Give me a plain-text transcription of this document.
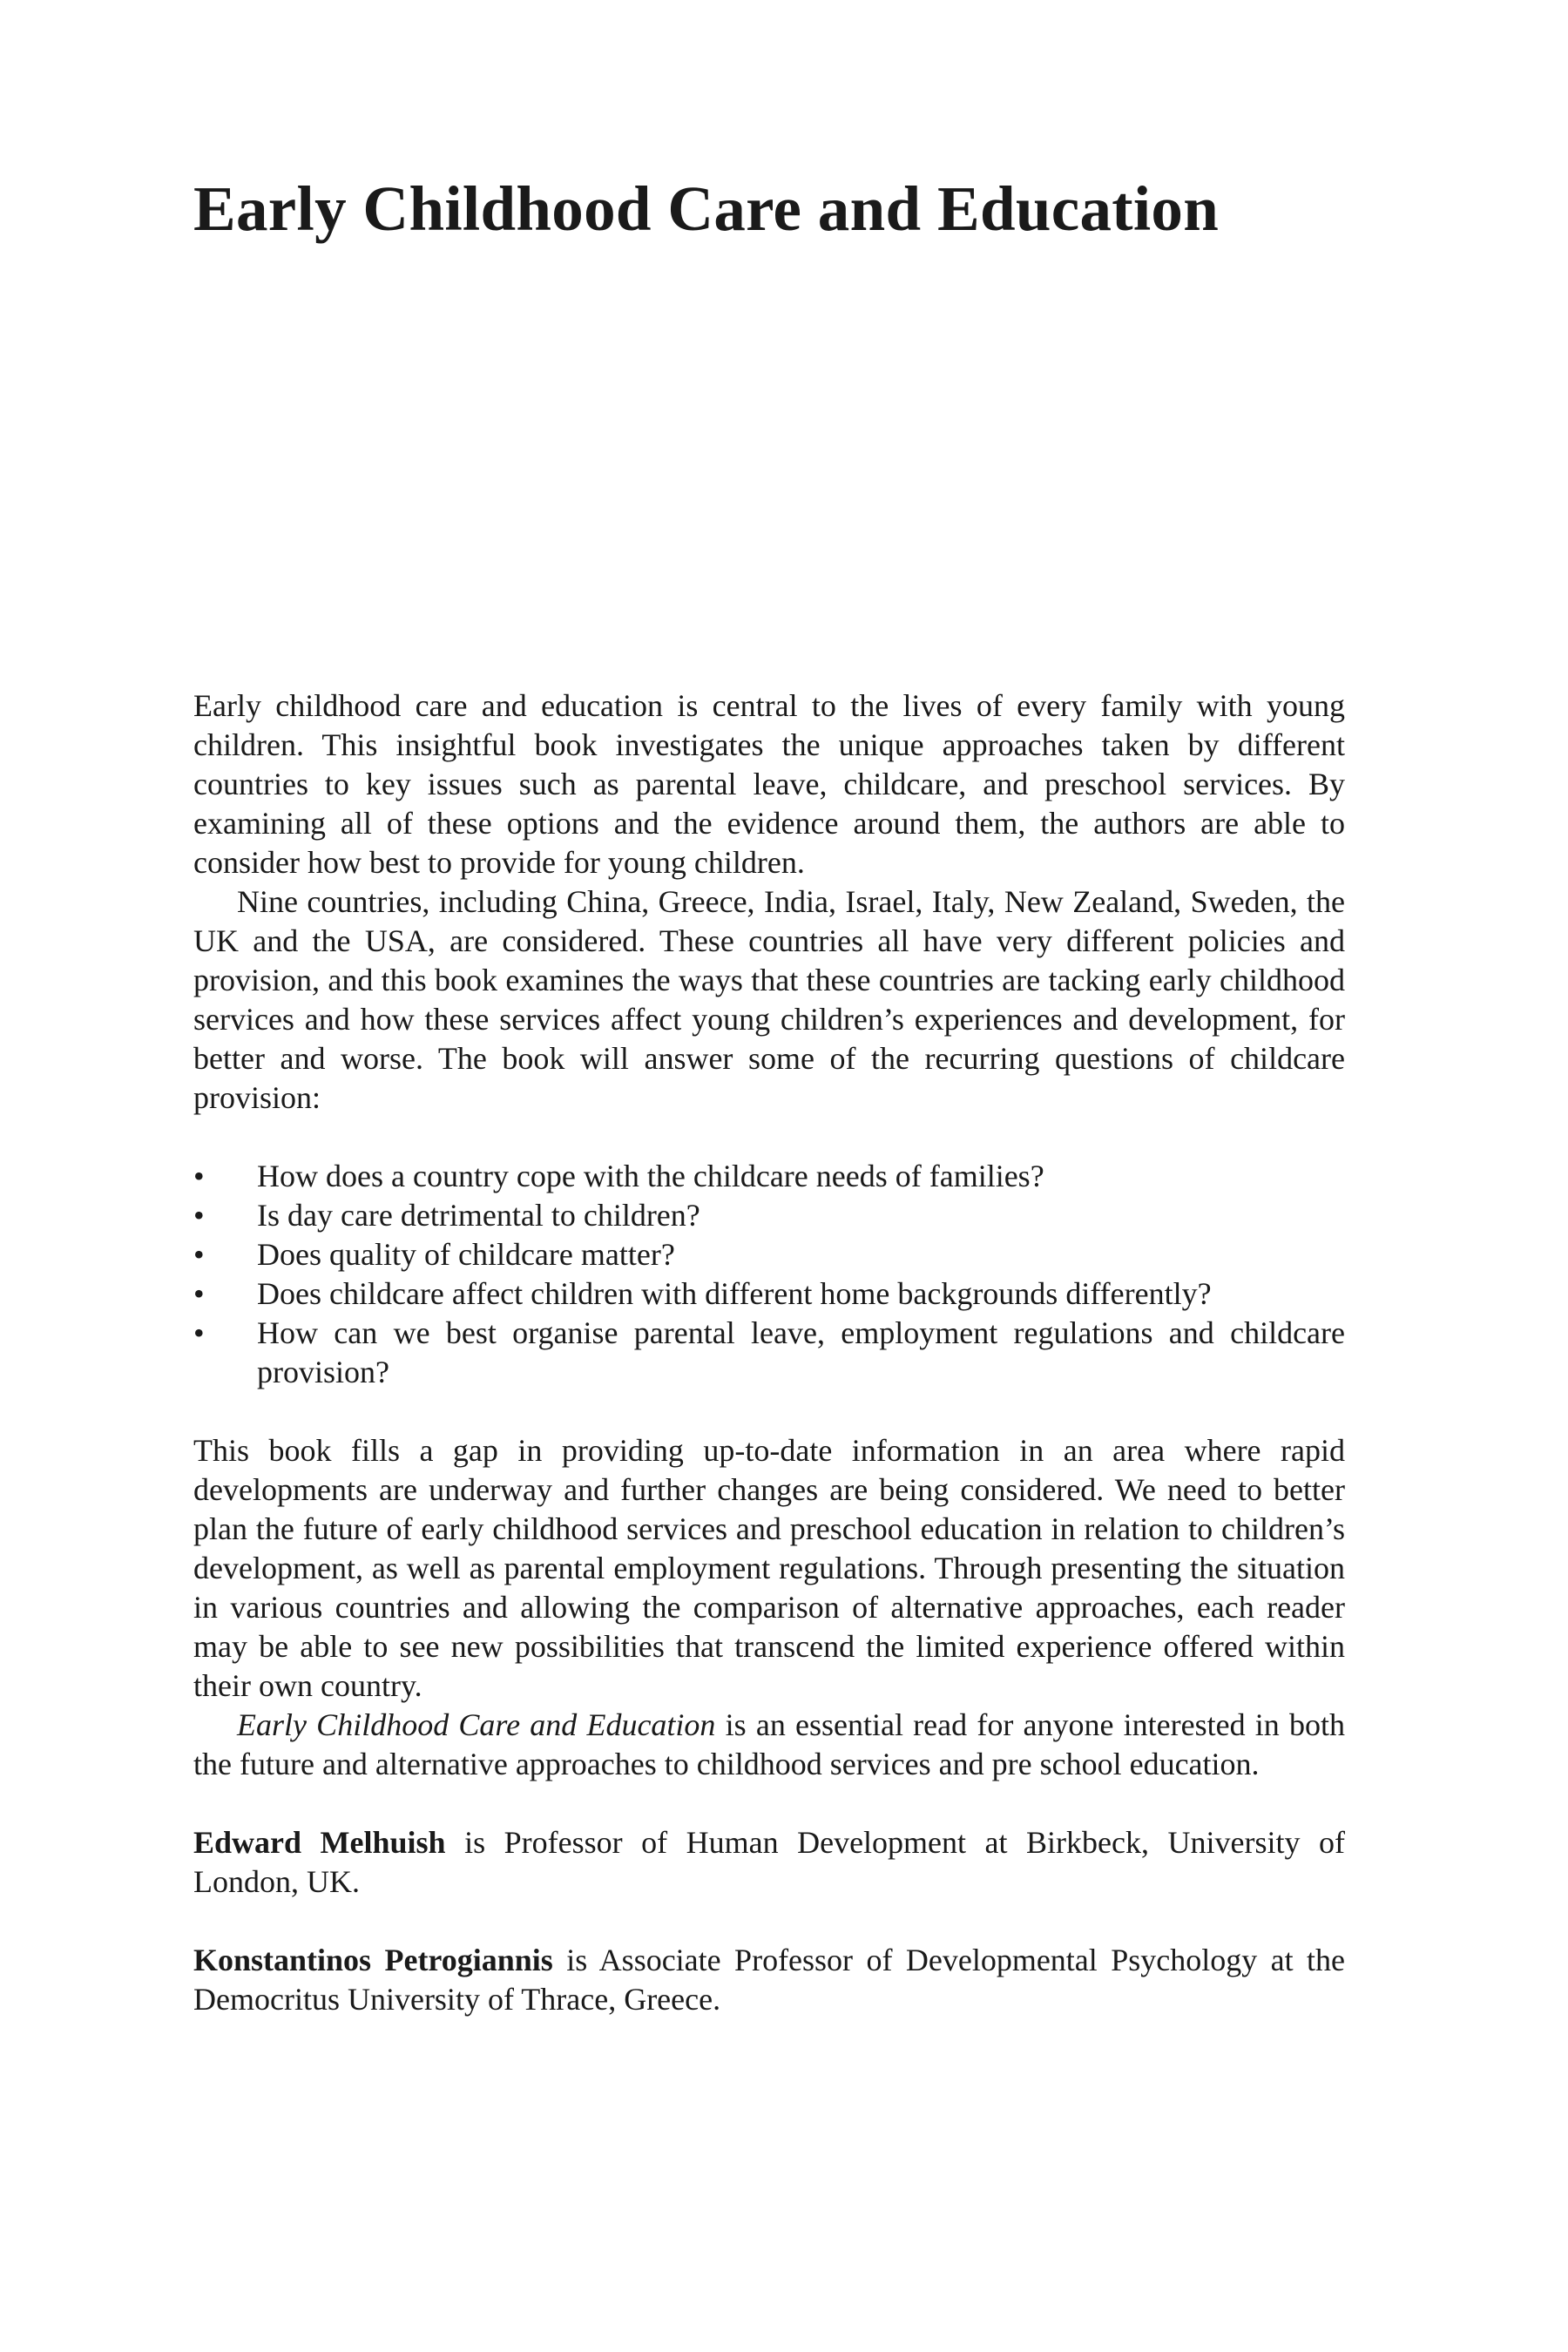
Early Childhood Care and Education

Early childhood care and education is central to the lives of every family with young children. This insightful book investigates the unique approaches taken by different countries to key issues such as parental leave, childcare, and preschool services. By examining all of these options and the evidence around them, the authors are able to consider how best to provide for young children.

Nine countries, including China, Greece, India, Israel, Italy, New Zealand, Sweden, the UK and the USA, are considered. These countries all have very different policies and provision, and this book examines the ways that these countries are tacking early childhood services and how these services affect young children’s experiences and development, for better and worse. The book will answer some of the recurring questions of childcare provision:

• How does a country cope with the childcare needs of families?
• Is day care detrimental to children?
• Does quality of childcare matter?
• Does childcare affect children with different home backgrounds differently?
• How can we best organise parental leave, employment regulations and childcare provision?

This book fills a gap in providing up-to-date information in an area where rapid developments are underway and further changes are being considered. We need to better plan the future of early childhood services and preschool education in relation to children’s development, as well as parental employment regulations. Through presenting the situation in various countries and allowing the comparison of alternative approaches, each reader may be able to see new possibilities that transcend the limited experience offered within their own country.

Early Childhood Care and Education is an essential read for anyone interested in both the future and alternative approaches to childhood services and pre school education.

Edward Melhuish is Professor of Human Development at Birkbeck, University of London, UK.

Konstantinos Petrogiannis is Associate Professor of Developmental Psychology at the Democritus University of Thrace, Greece.
